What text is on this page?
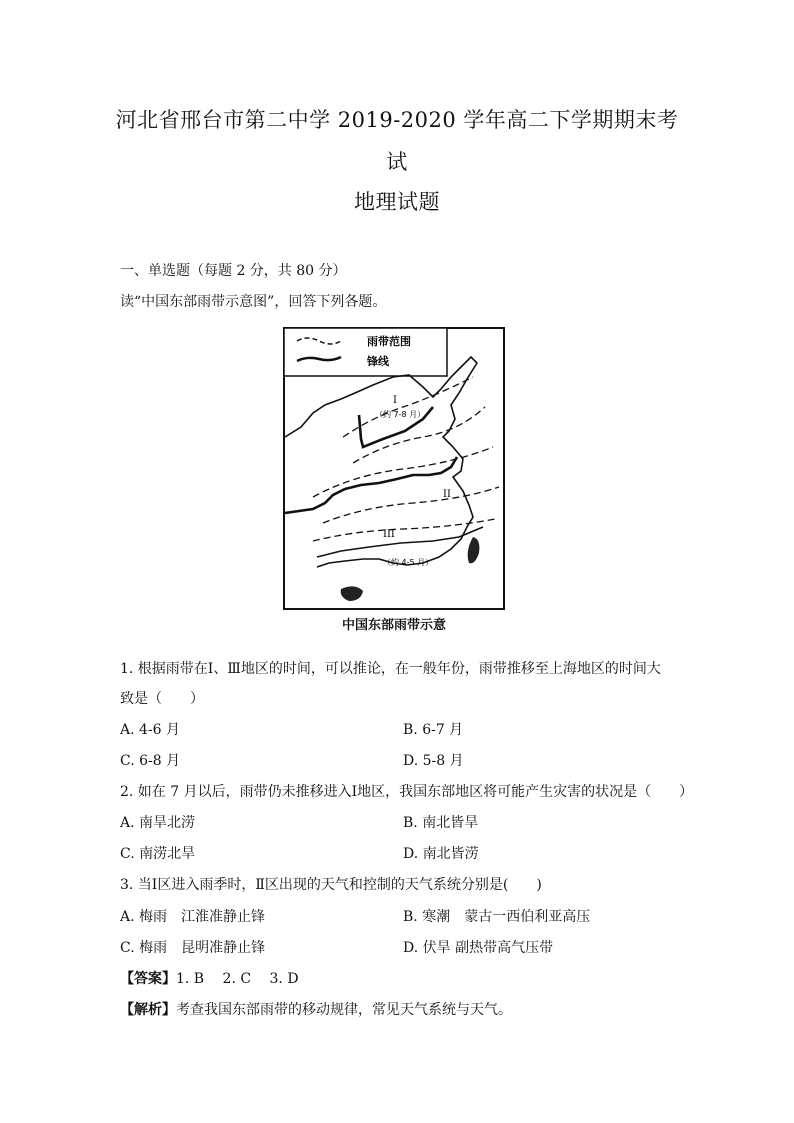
河北省邢台市第二中学 2019-2020 学年高二下学期期末考
试
地理试题
一、单选题（每题 2 分，共 80 分）
读“中国东部雨带示意图”，回答下列各题。
雨带范围
锋线
I
（约 7-8 月）
II
III
（约 4-5 月）
中国东部雨带示意
1. 根据雨带在Ⅰ、Ⅲ地区的时间，可以推论，在一般年份，雨带推移至上海地区的时间大
致是（　　）
A. 4-6 月	B. 6-7 月
C. 6-8 月	D. 5-8 月
2. 如在 7 月以后，雨带仍未推移进入Ⅰ地区，我国东部地区将可能产生灾害的状况是（　　）
A. 南旱北涝	B. 南北皆旱
C. 南涝北旱	D. 南北皆涝
3. 当Ⅰ区进入雨季时，Ⅱ区出现的天气和控制的天气系统分别是(　　)
A. 梅雨　江淮准静止锋	B. 寒潮　蒙古一西伯利亚高压
C. 梅雨　昆明准静止锋	D. 伏旱 副热带高气压带
【答案】1. B　 2. C　 3. D
【解析】考查我国东部雨带的移动规律，常见天气系统与天气。
